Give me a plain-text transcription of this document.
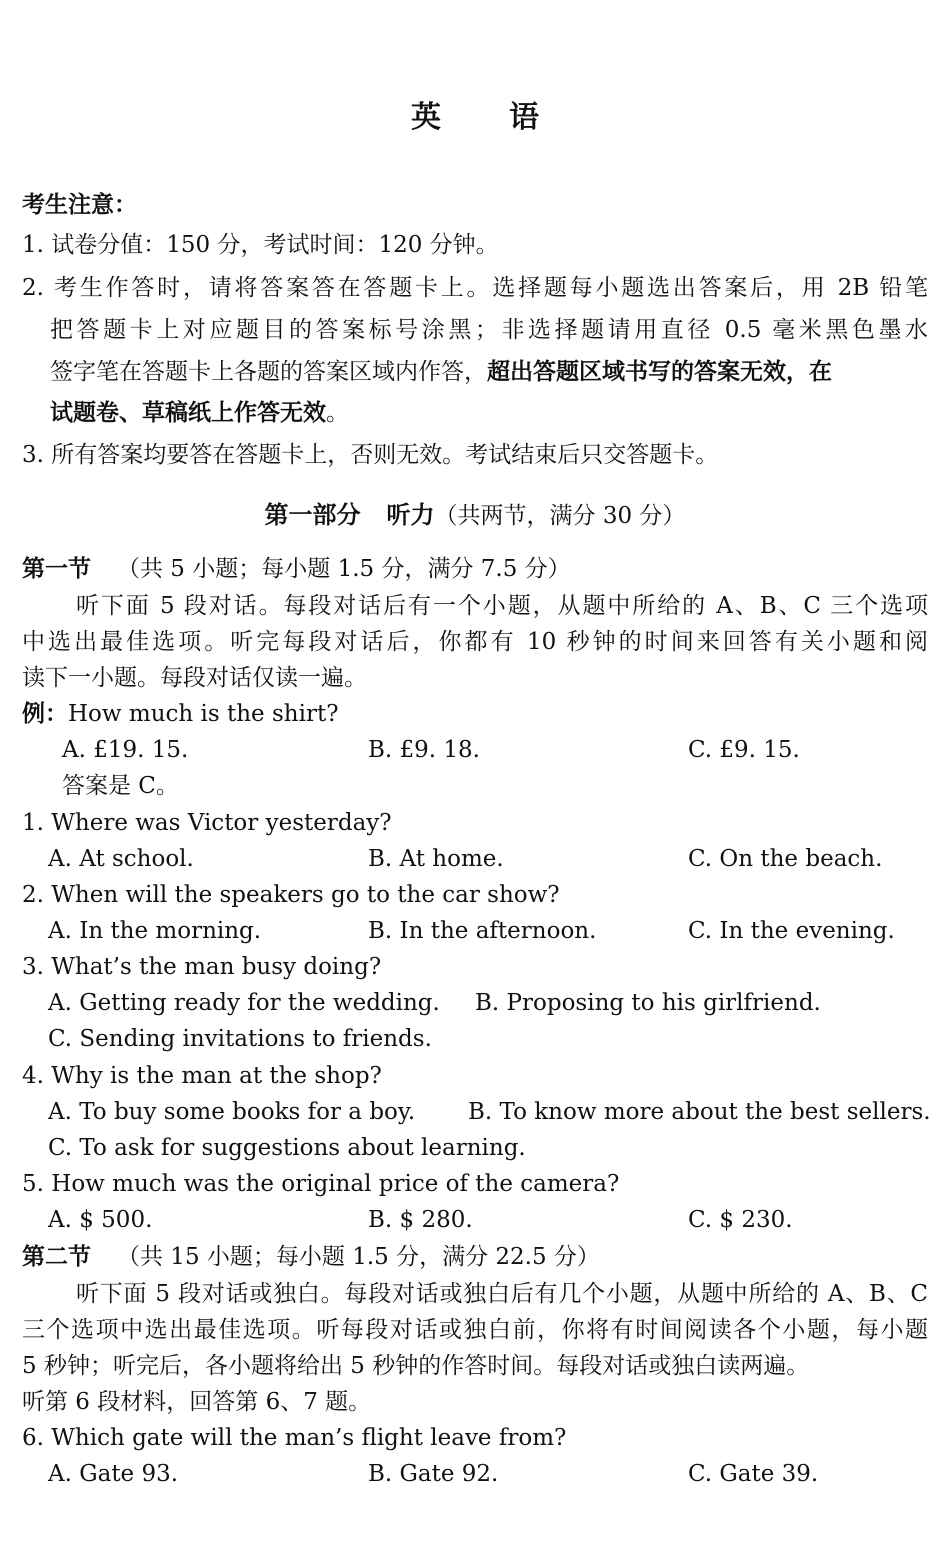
英 语
考生注意：
1. 试卷分值：150 分，考试时间：120 分钟。
2. 考生作答时，请将答案答在答题卡上。选择题每小题选出答案后，用 2B 铅笔
把答题卡上对应题目的答案标号涂黑；非选择题请用直径 0.5 毫米黑色墨水
签字笔在答题卡上各题的答案区域内作答，超出答题区域书写的答案无效，在
试题卷、草稿纸上作答无效。
3. 所有答案均要答在答题卡上，否则无效。考试结束后只交答题卡。
第一部分 听力（共两节，满分 30 分）
第一节 （共 5 小题；每小题 1.5 分，满分 7.5 分）
听下面 5 段对话。每段对话后有一个小题，从题中所给的 A、B、C 三个选项
中选出最佳选项。听完每段对话后，你都有 10 秒钟的时间来回答有关小题和阅
读下一小题。每段对话仅读一遍。
例：How much is the shirt?
A. £19. 15.	B. £9. 18.	C. £9. 15.
答案是 C。
1. Where was Victor yesterday?
A. At school.	B. At home.	C. On the beach.
2. When will the speakers go to the car show?
A. In the morning.	B. In the afternoon.	C. In the evening.
3. What’s the man busy doing?
A. Getting ready for the wedding. B. Proposing to his girlfriend.
C. Sending invitations to friends.
4. Why is the man at the shop?
A. To buy some books for a boy. B. To know more about the best sellers.
C. To ask for suggestions about learning.
5. How much was the original price of the camera?
A. $ 500.	B. $ 280.	C. $ 230.
第二节 （共 15 小题；每小题 1.5 分，满分 22.5 分）
听下面 5 段对话或独白。每段对话或独白后有几个小题，从题中所给的 A、B、C
三个选项中选出最佳选项。听每段对话或独白前，你将有时间阅读各个小题，每小题
5 秒钟；听完后，各小题将给出 5 秒钟的作答时间。每段对话或独白读两遍。
听第 6 段材料，回答第 6、7 题。
6. Which gate will the man’s flight leave from?
A. Gate 93.	B. Gate 92.	C. Gate 39.
